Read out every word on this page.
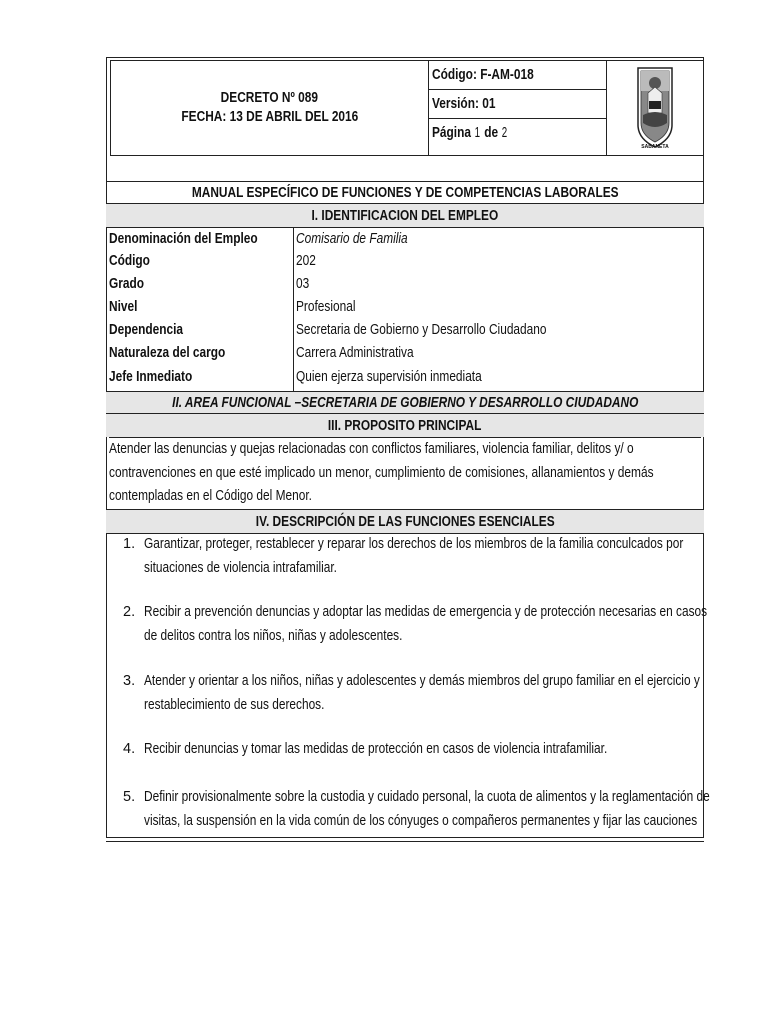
DECRETO Nº 089
FECHA: 13 DE ABRIL DEL 2016
Código: F-AM-018
Versión: 01
Página 1 de 2
SABANETA
MANUAL ESPECÍFICO DE FUNCIONES Y DE COMPETENCIAS LABORALES
I. IDENTIFICACION DEL EMPLEO
Denominación del Empleo	Comisario de Familia
Código	202
Grado	03
Nivel	Profesional
Dependencia	Secretaria de Gobierno y Desarrollo Ciudadano
Naturaleza del cargo	Carrera Administrativa
Jefe Inmediato	Quien ejerza supervisión inmediata
II. AREA FUNCIONAL –SECRETARIA DE GOBIERNO Y DESARROLLO CIUDADANO
III. PROPOSITO PRINCIPAL
Atender las denuncias y quejas relacionadas con conflictos familiares, violencia familiar, delitos y/ o
contravenciones en que esté implicado un menor, cumplimiento de comisiones, allanamientos y demás
contempladas en el Código del Menor.
IV. DESCRIPCIÓN DE LAS FUNCIONES ESENCIALES
1. Garantizar, proteger, restablecer y reparar los derechos de los miembros de la familia conculcados por
situaciones de violencia intrafamiliar.
2. Recibir a prevención denuncias y adoptar las medidas de emergencia y de protección necesarias en casos
de delitos contra los niños, niñas y adolescentes.
3. Atender y orientar a los niños, niñas y adolescentes y demás miembros del grupo familiar en el ejercicio y
restablecimiento de sus derechos.
4. Recibir denuncias y tomar las medidas de protección en casos de violencia intrafamiliar.
5. Definir provisionalmente sobre la custodia y cuidado personal, la cuota de alimentos y la reglamentación de
visitas, la suspensión en la vida común de los cónyuges o compañeros permanentes y fijar las cauciones
